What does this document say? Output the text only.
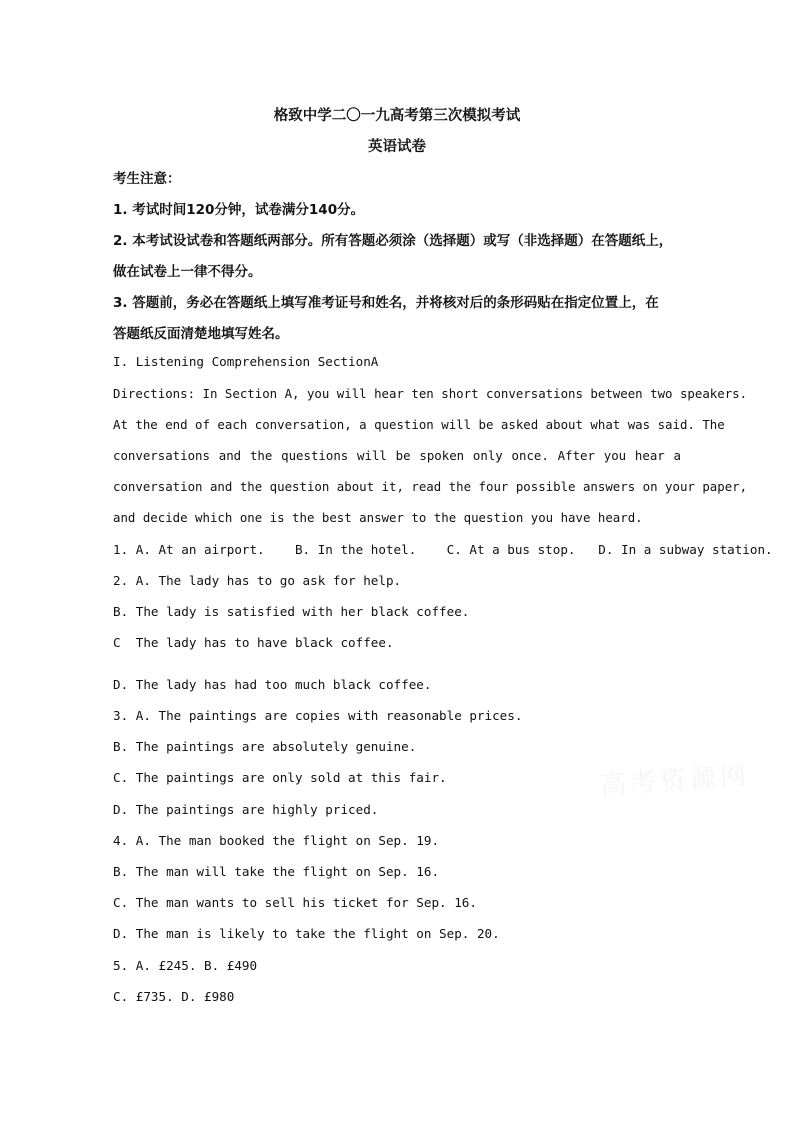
格致中学二〇一九高考第三次模拟考试
英语试卷
考生注意：
1. 考试时间120分钟，试卷满分140分。
2. 本考试设试卷和答题纸两部分。所有答题必须涂（选择题）或写（非选择题）在答题纸上，
做在试卷上一律不得分。
3. 答题前，务必在答题纸上填写准考证号和姓名，并将核对后的条形码贴在指定位置上，在
答题纸反面清楚地填写姓名。
I. Listening Comprehension SectionA
Directions: In Section A, you will hear ten short conversations between two speakers.
At the end of each conversation, a question will be asked about what was said. The
conversations and the questions will be spoken only once. After you hear a
conversation and the question about it, read the four possible answers on your paper,
and decide which one is the best answer to the question you have heard.
1. A. At an airport.    B. In the hotel.    C. At a bus stop.   D. In a subway station.
2. A. The lady has to go ask for help.
B. The lady is satisfied with her black coffee.
C  The lady has to have black coffee.
D. The lady has had too much black coffee.
3. A. The paintings are copies with reasonable prices.
B. The paintings are absolutely genuine.
C. The paintings are only sold at this fair.
D. The paintings are highly priced.
4. A. The man booked the flight on Sep. 19.
B. The man will take the flight on Sep. 16.
C. The man wants to sell his ticket for Sep. 16.
D. The man is likely to take the flight on Sep. 20.
5. A. £245. B. £490
C. £735. D. £980
高考资源网
